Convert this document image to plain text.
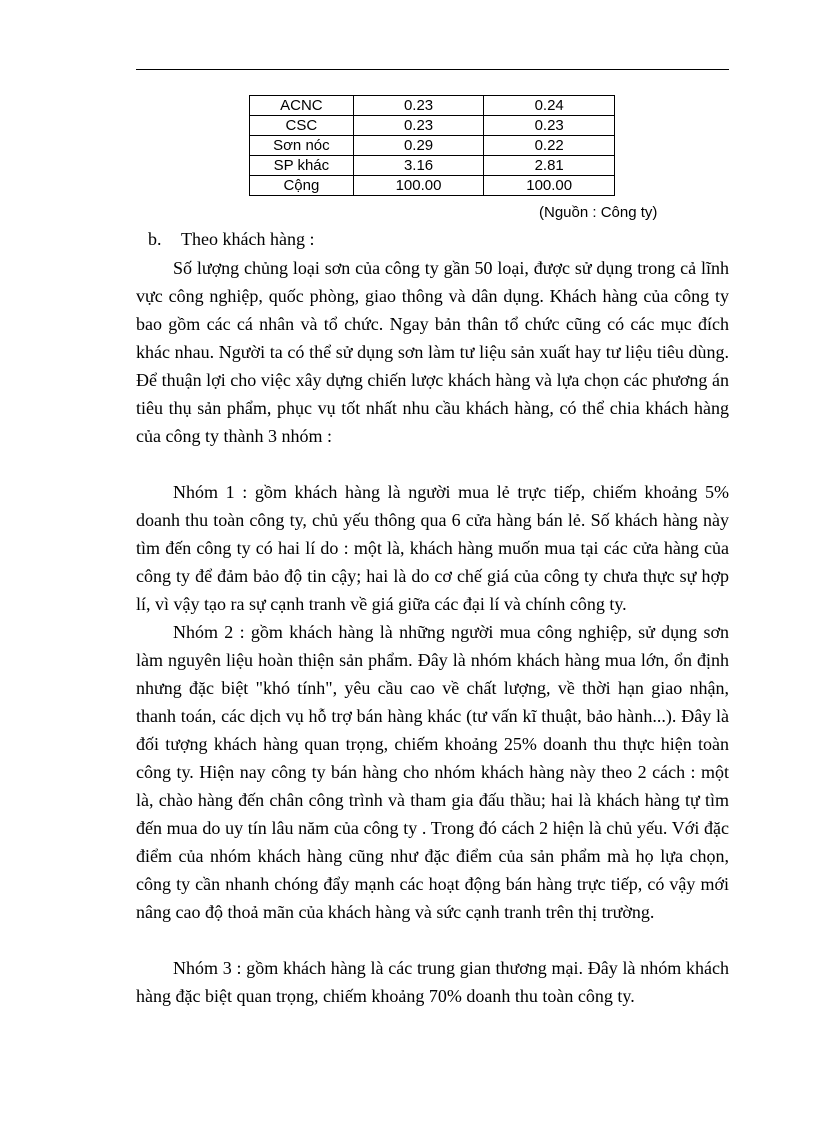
ACNC	0.23	0.24
CSC	0.23	0.23
Sơn nóc	0.29	0.22
SP khác	3.16	2.81
Cộng	100.00	100.00
(Nguồn : Công ty)
b. Theo khách hàng :

Số lượng chủng loại sơn của công ty gần 50 loại, được sử dụng trong cả lĩnh vực công nghiệp, quốc phòng, giao thông và dân dụng. Khách hàng của công ty bao gồm các cá nhân và tổ chức. Ngay bản thân tổ chức cũng có các mục đích khác nhau. Người ta có thể sử dụng sơn làm tư liệu sản xuất hay tư liệu tiêu dùng. Để thuận lợi cho việc xây dựng chiến lược khách hàng và lựa chọn các phương án tiêu thụ sản phẩm, phục vụ tốt nhất nhu cầu khách hàng, có thể chia khách hàng của công ty thành 3 nhóm :

Nhóm 1 : gồm khách hàng là người mua lẻ trực tiếp, chiếm khoảng 5% doanh thu toàn công ty, chủ yếu thông qua 6 cửa hàng bán lẻ. Số khách hàng này tìm đến công ty có hai lí do : một là, khách hàng muốn mua tại các cửa hàng của công ty để đảm bảo độ tin cậy; hai là do cơ chế giá của công ty chưa thực sự hợp lí, vì vậy tạo ra sự cạnh tranh về giá giữa các đại lí và chính công ty.

Nhóm 2 : gồm khách hàng là những người mua công nghiệp, sử dụng sơn làm nguyên liệu hoàn thiện sản phẩm. Đây là nhóm khách hàng mua lớn, ổn định nhưng đặc biệt "khó tính", yêu cầu cao về chất lượng, về thời hạn giao nhận, thanh toán, các dịch vụ hỗ trợ bán hàng khác (tư vấn kĩ thuật, bảo hành...). Đây là đối tượng khách hàng quan trọng, chiếm khoảng 25% doanh thu thực hiện toàn công ty. Hiện nay công ty bán hàng cho nhóm khách hàng này theo 2 cách : một là, chào hàng đến chân công trình và tham gia đấu thầu; hai là khách hàng tự tìm đến mua do uy tín lâu năm của công ty . Trong đó cách 2 hiện là chủ yếu. Với đặc điểm của nhóm khách hàng cũng như đặc điểm của sản phẩm mà họ lựa chọn, công ty cần nhanh chóng đẩy mạnh các hoạt động bán hàng trực tiếp, có vậy mới nâng cao độ thoả mãn của khách hàng và sức cạnh tranh trên thị trường.

Nhóm 3 : gồm khách hàng là các trung gian thương mại. Đây là nhóm khách hàng đặc biệt quan trọng, chiếm khoảng 70% doanh thu toàn công ty.
